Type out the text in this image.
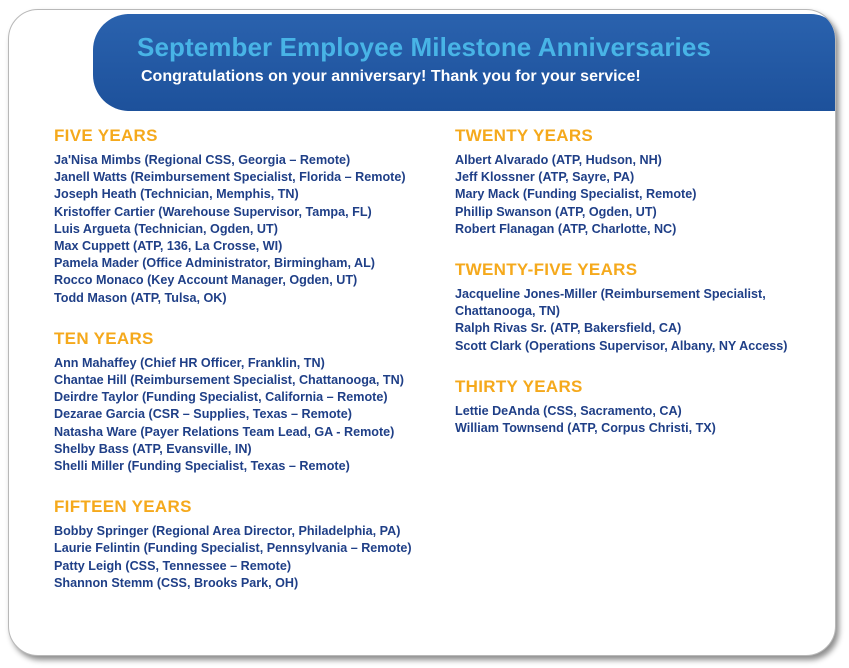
September Employee Milestone Anniversaries

Congratulations on your anniversary! Thank you for your service!

FIVE YEARS
Ja'Nisa Mimbs (Regional CSS, Georgia – Remote)
Janell Watts (Reimbursement Specialist, Florida – Remote)
Joseph Heath (Technician, Memphis, TN)
Kristoffer Cartier (Warehouse Supervisor, Tampa, FL)
Luis Argueta (Technician, Ogden, UT)
Max Cuppett (ATP, 136, La Crosse, WI)
Pamela Mader (Office Administrator, Birmingham, AL)
Rocco Monaco (Key Account Manager, Ogden, UT)
Todd Mason (ATP, Tulsa, OK)
TEN YEARS
Ann Mahaffey (Chief HR Officer, Franklin, TN)
Chantae Hill (Reimbursement Specialist, Chattanooga, TN)
Deirdre Taylor (Funding Specialist, California – Remote)
Dezarae Garcia (CSR – Supplies, Texas – Remote)
Natasha Ware (Payer Relations Team Lead, GA - Remote)
Shelby Bass (ATP, Evansville, IN)
Shelli Miller (Funding Specialist, Texas – Remote)
FIFTEEN YEARS
Bobby Springer (Regional Area Director, Philadelphia, PA)
Laurie Felintin (Funding Specialist, Pennsylvania – Remote)
Patty Leigh (CSS, Tennessee – Remote)
Shannon Stemm (CSS, Brooks Park, OH)
TWENTY YEARS
Albert Alvarado (ATP, Hudson, NH)
Jeff Klossner (ATP, Sayre, PA)
Mary Mack (Funding Specialist, Remote)
Phillip Swanson (ATP, Ogden, UT)
Robert Flanagan (ATP, Charlotte, NC)
TWENTY-FIVE YEARS
Jacqueline Jones-Miller (Reimbursement Specialist, Chattanooga, TN)
Ralph Rivas Sr. (ATP, Bakersfield, CA)
Scott Clark (Operations Supervisor, Albany, NY Access)
THIRTY YEARS
Lettie DeAnda (CSS, Sacramento, CA)
William Townsend (ATP, Corpus Christi, TX)
